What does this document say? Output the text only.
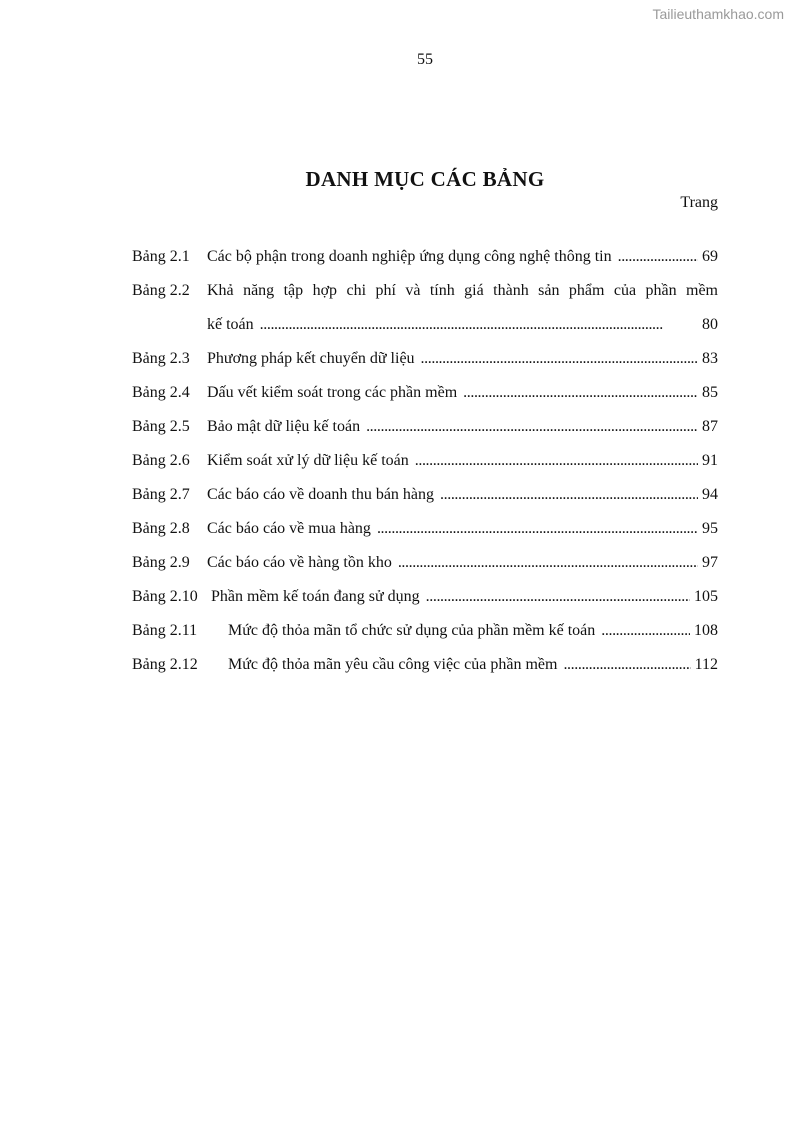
Tailieuthamkhao.com
55
DANH MỤC CÁC BẢNG
Trang
Bảng 2.1	Các bộ phận trong doanh nghiệp ứng dụng công nghệ thông tin . . .	69
Bảng 2.2	Khả năng tập hợp chi phí và tính giá thành sản phẩm của phần mềm
kế toán . . .	80
Bảng 2.3	Phương pháp kết chuyển dữ liệu . . .	83
Bảng 2.4	Dấu vết kiểm soát trong các phần mềm . . .	85
Bảng 2.5	Bảo mật dữ liệu kế toán . . .	87
Bảng 2.6	Kiểm soát xử lý dữ liệu kế toán . . .	91
Bảng 2.7	Các báo cáo về doanh thu bán hàng . . .	94
Bảng 2.8	Các báo cáo về mua hàng . . .	95
Bảng 2.9	Các báo cáo về hàng tồn kho . . .	97
Bảng 2.10 Phần mềm kế toán đang sử dụng . . .	105
Bảng 2.11	Mức độ thỏa mãn tổ chức sử dụng của phần mềm kế toán . . .	108
Bảng 2.12	Mức độ thỏa mãn yêu cầu công việc của phần mềm . . .	112
